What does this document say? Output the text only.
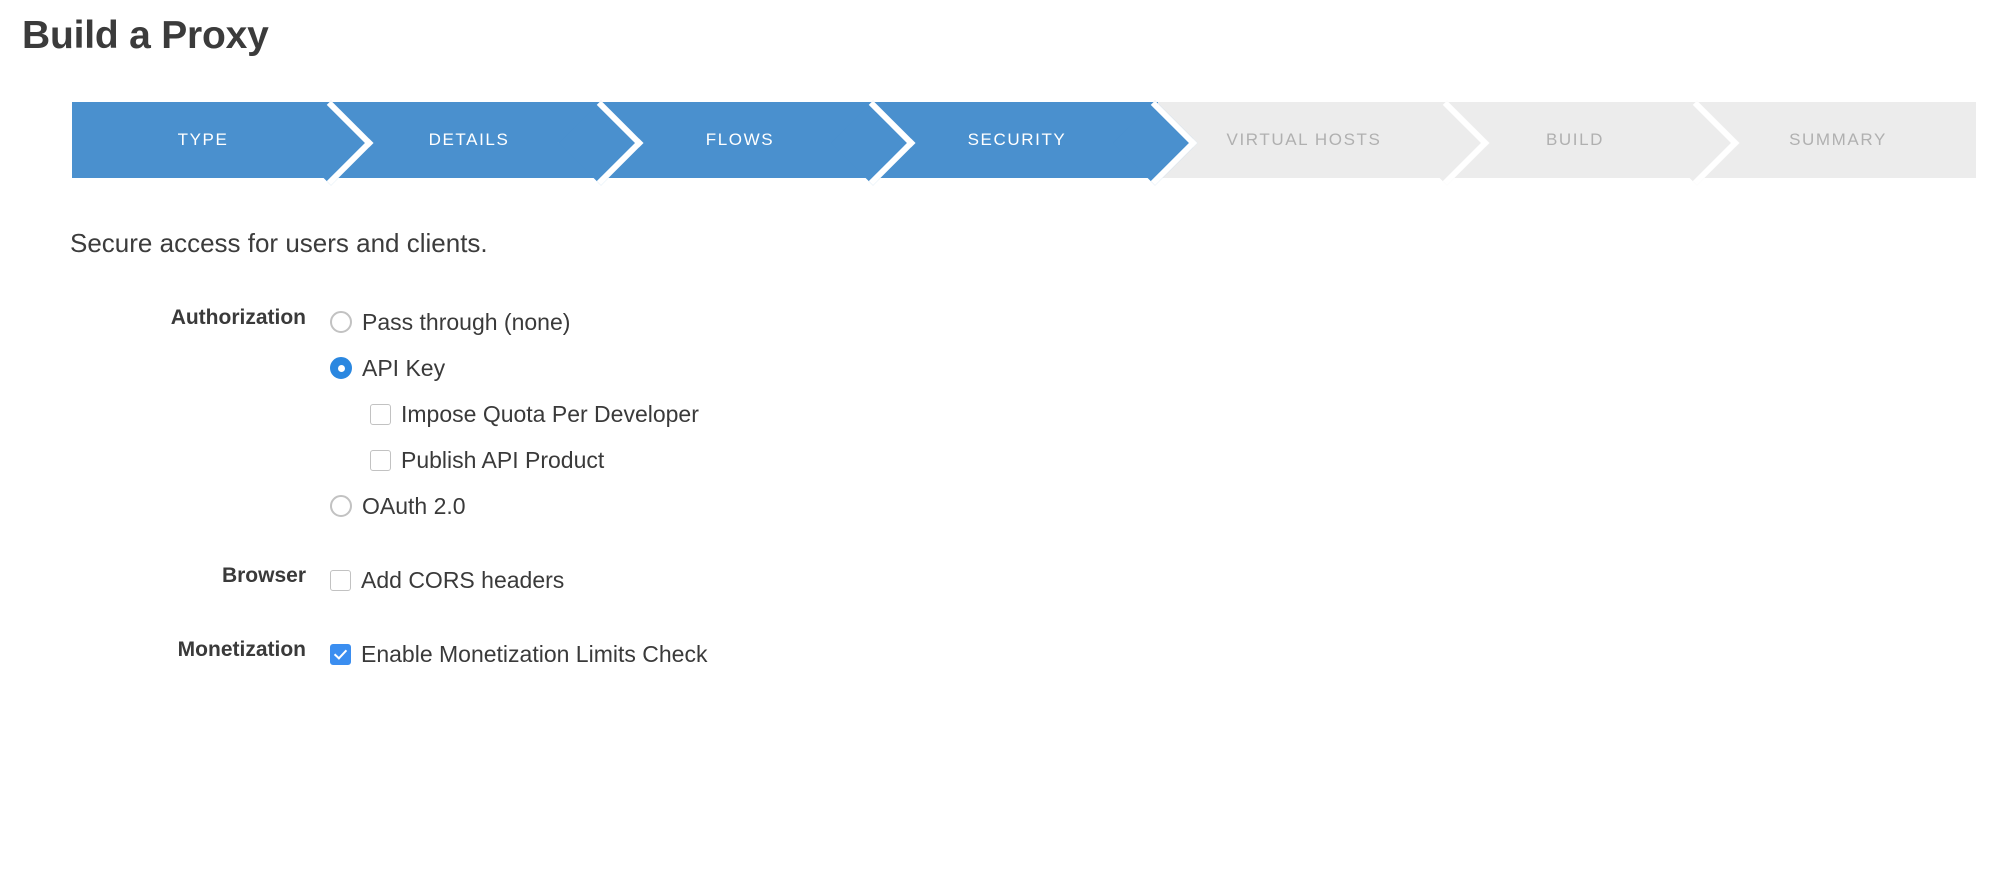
Build a Proxy
TYPE	DETAILS	FLOWS	SECURITY	VIRTUAL HOSTS	BUILD	SUMMARY
Secure access for users and clients.
Authorization	Pass through (none)
API Key
Impose Quota Per Developer
Publish API Product
OAuth 2.0
Browser	Add CORS headers
Monetization	Enable Monetization Limits Check
